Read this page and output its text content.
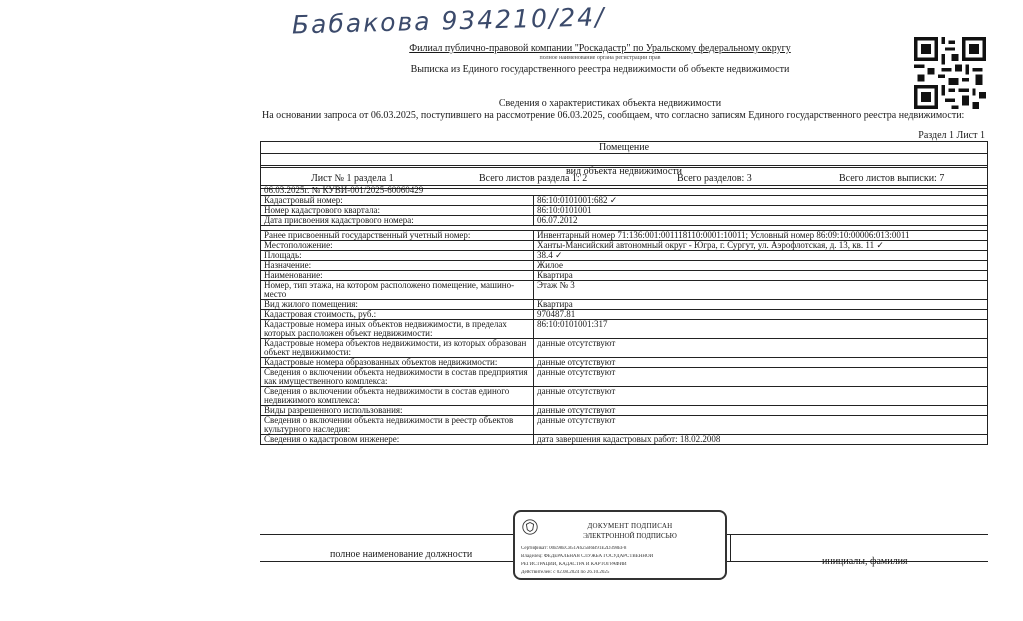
Бабакова 934210/24/
Филиал публично-правовой компании "Роскадастр" по Уральскому федеральному округу
полное наименование органа регистрации прав
Выписка из Единого государственного реестра недвижимости об объекте недвижимости
Сведения о характеристиках объекта недвижимости
На основании запроса от 06.03.2025, поступившего на рассмотрение 06.03.2025, сообщаем, что согласно записям Единого государственного реестра недвижимости:
Раздел 1 Лист 1
Помещение
вид объекта недвижимости
Лист № 1 раздела 1	Всего листов раздела 1: 2	Всего разделов: 3	Всего листов выписки: 7
06.03.2025г. № КУВИ-001/2025-60060429	
Кадастровый номер:	86:10:0101001:682 ✓
Номер кадастрового квартала:	86:10:0101001
Дата присвоения кадастрового номера:	06.07.2012

Ранее присвоенный государственный учетный номер:	Инвентарный номер 71:136:001:001118110:0001:10011; Условный номер 86:09:10:00006:013:0011
Местоположение:	Ханты-Мансийский автономный округ - Югра, г. Сургут, ул. Аэрофлотская, д. 13, кв. 11 ✓
Площадь:	38.4 ✓
Назначение:	Жилое
Наименование:	Квартира
Номер, тип этажа, на котором расположено помещение, машино-место	Этаж № 3
Вид жилого помещения:	Квартира
Кадастровая стоимость, руб.:	970487.81
Кадастровые номера иных объектов недвижимости, в пределах которых расположен объект недвижимости:	86:10:0101001:317
Кадастровые номера объектов недвижимости, из которых образован объект недвижимости:	данные отсутствуют
Кадастровые номера образованных объектов недвижимости:	данные отсутствуют
Сведения о включении объекта недвижимости в состав предприятия как имущественного комплекса:	данные отсутствуют
Сведения о включении объекта недвижимости в состав единого недвижимого комплекса:	данные отсутствуют
Виды разрешенного использования:	данные отсутствуют
Сведения о включении объекта недвижимости в реестр объектов культурного наследия:	данные отсутствуют
Сведения о кадастровом инженере:	дата завершения кадастровых работ: 18.02.2008
полное наименование должности
инициалы, фамилия
ДОКУМЕНТ ПОДПИСАН
ЭЛЕКТРОННОЙ ПОДПИСЬЮ
Сертификат: 00E98EC851A625B6B91E2D398EF8
Владелец: ФЕДЕРАЛЬНАЯ СЛУЖБА ГОСУДАРСТВЕННОЙ
РЕГИСТРАЦИИ, КАДАСТРА И КАРТОГРАФИИ
Действителен: с 02.08.2024 по 26.10.2025
